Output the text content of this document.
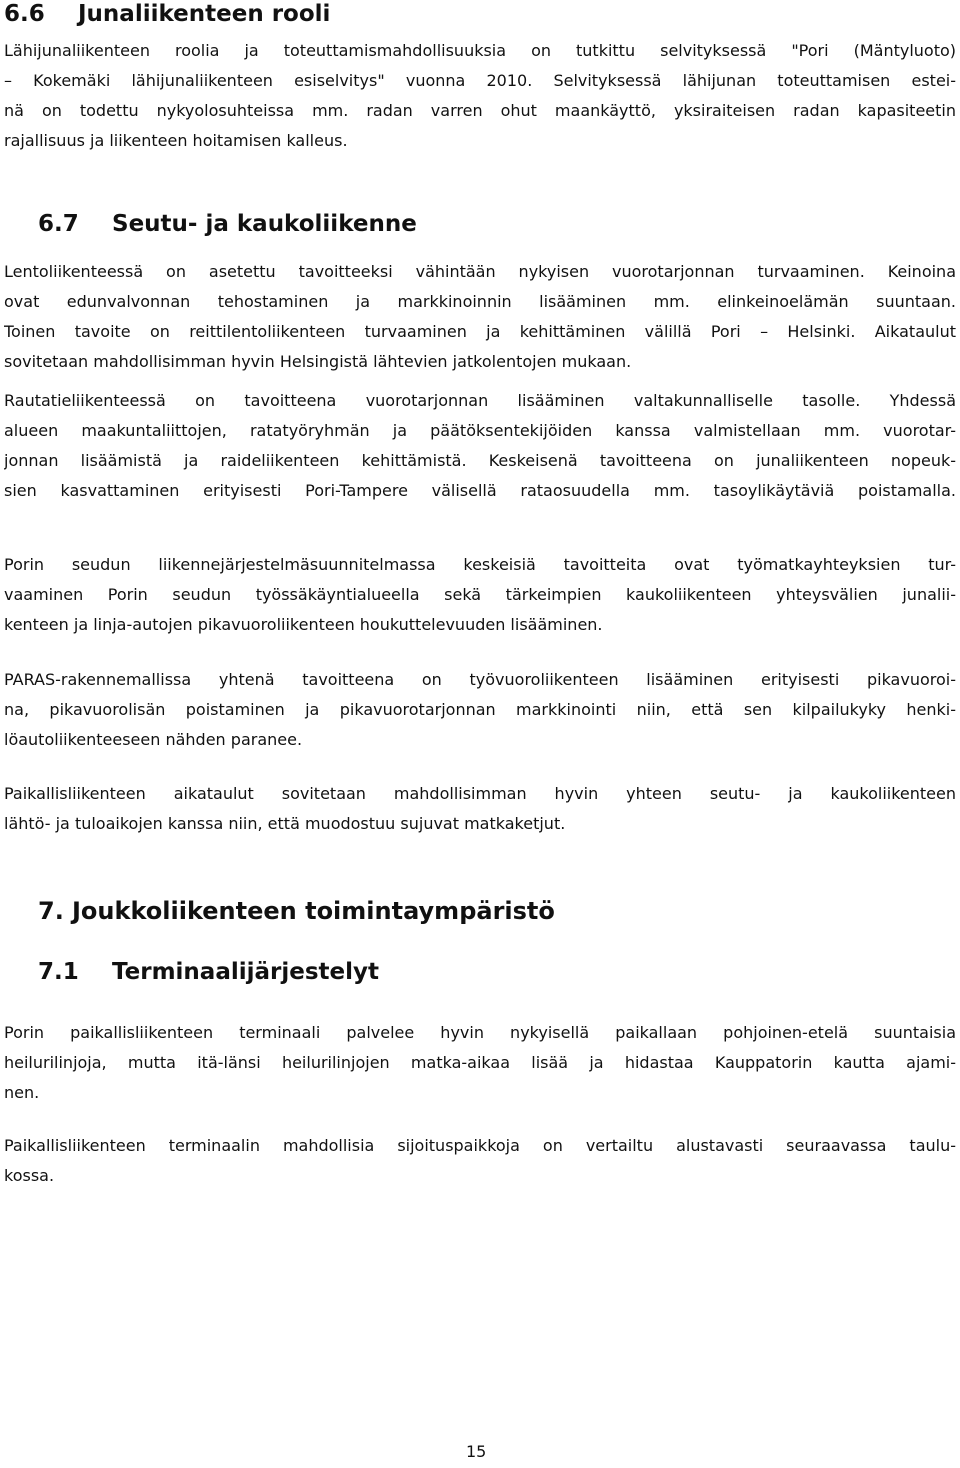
6.6 Junaliikenteen rooli
Lähijunaliikenteen roolia ja toteuttamismahdollisuuksia on tutkittu selvityksessä "Pori (Mäntyluoto)
– Kokemäki lähijunaliikenteen esiselvitys" vuonna 2010. Selvityksessä lähijunan toteuttamisen estei-
nä on todettu nykyolosuhteissa mm. radan varren ohut maankäyttö, yksiraiteisen radan kapasiteetin
rajallisuus ja liikenteen hoitamisen kalleus.
6.7 Seutu- ja kaukoliikenne
Lentoliikenteessä on asetettu tavoitteeksi vähintään nykyisen vuorotarjonnan turvaaminen. Keinoina
ovat edunvalvonnan tehostaminen ja markkinoinnin lisääminen mm. elinkeinoelämän suuntaan.
Toinen tavoite on reittilentoliikenteen turvaaminen ja kehittäminen välillä Pori – Helsinki. Aikataulut
sovitetaan mahdollisimman hyvin Helsingistä lähtevien jatkolentojen mukaan.
Rautatieliikenteessä on tavoitteena vuorotarjonnan lisääminen valtakunnalliselle tasolle. Yhdessä
alueen maakuntaliittojen, ratatyöryhmän ja päätöksentekijöiden kanssa valmistellaan mm. vuorotar-
jonnan lisäämistä ja raideliikenteen kehittämistä. Keskeisenä tavoitteena on junaliikenteen nopeuk-
sien kasvattaminen erityisesti Pori-Tampere välisellä rataosuudella mm. tasoylikäytäviä poistamalla.
Porin seudun liikennejärjestelmäsuunnitelmassa keskeisiä tavoitteita ovat työmatkayhteyksien tur-
vaaminen Porin seudun työssäkäyntialueella sekä tärkeimpien kaukoliikenteen yhteysvälien junalii-
kenteen ja linja-autojen pikavuoroliikenteen houkuttelevuuden lisääminen.
PARAS-rakennemallissa yhtenä tavoitteena on työvuoroliikenteen lisääminen erityisesti pikavuoroi-
na, pikavuorolisän poistaminen ja pikavuorotarjonnan markkinointi niin, että sen kilpailukyky henki-
löautoliikenteeseen nähden paranee.
Paikallisliikenteen aikataulut sovitetaan mahdollisimman hyvin yhteen seutu- ja kaukoliikenteen
lähtö- ja tuloaikojen kanssa niin, että muodostuu sujuvat matkaketjut.
7. Joukkoliikenteen toimintaympäristö
7.1 Terminaalijärjestelyt
Porin paikallisliikenteen terminaali palvelee hyvin nykyisellä paikallaan pohjoinen-etelä suuntaisia
heilurilinjoja, mutta itä-länsi heilurilinjojen matka-aikaa lisää ja hidastaa Kauppatorin kautta ajami-
nen.
Paikallisliikenteen terminaalin mahdollisia sijoituspaikkoja on vertailtu alustavasti seuraavassa taulu-
kossa.

15
